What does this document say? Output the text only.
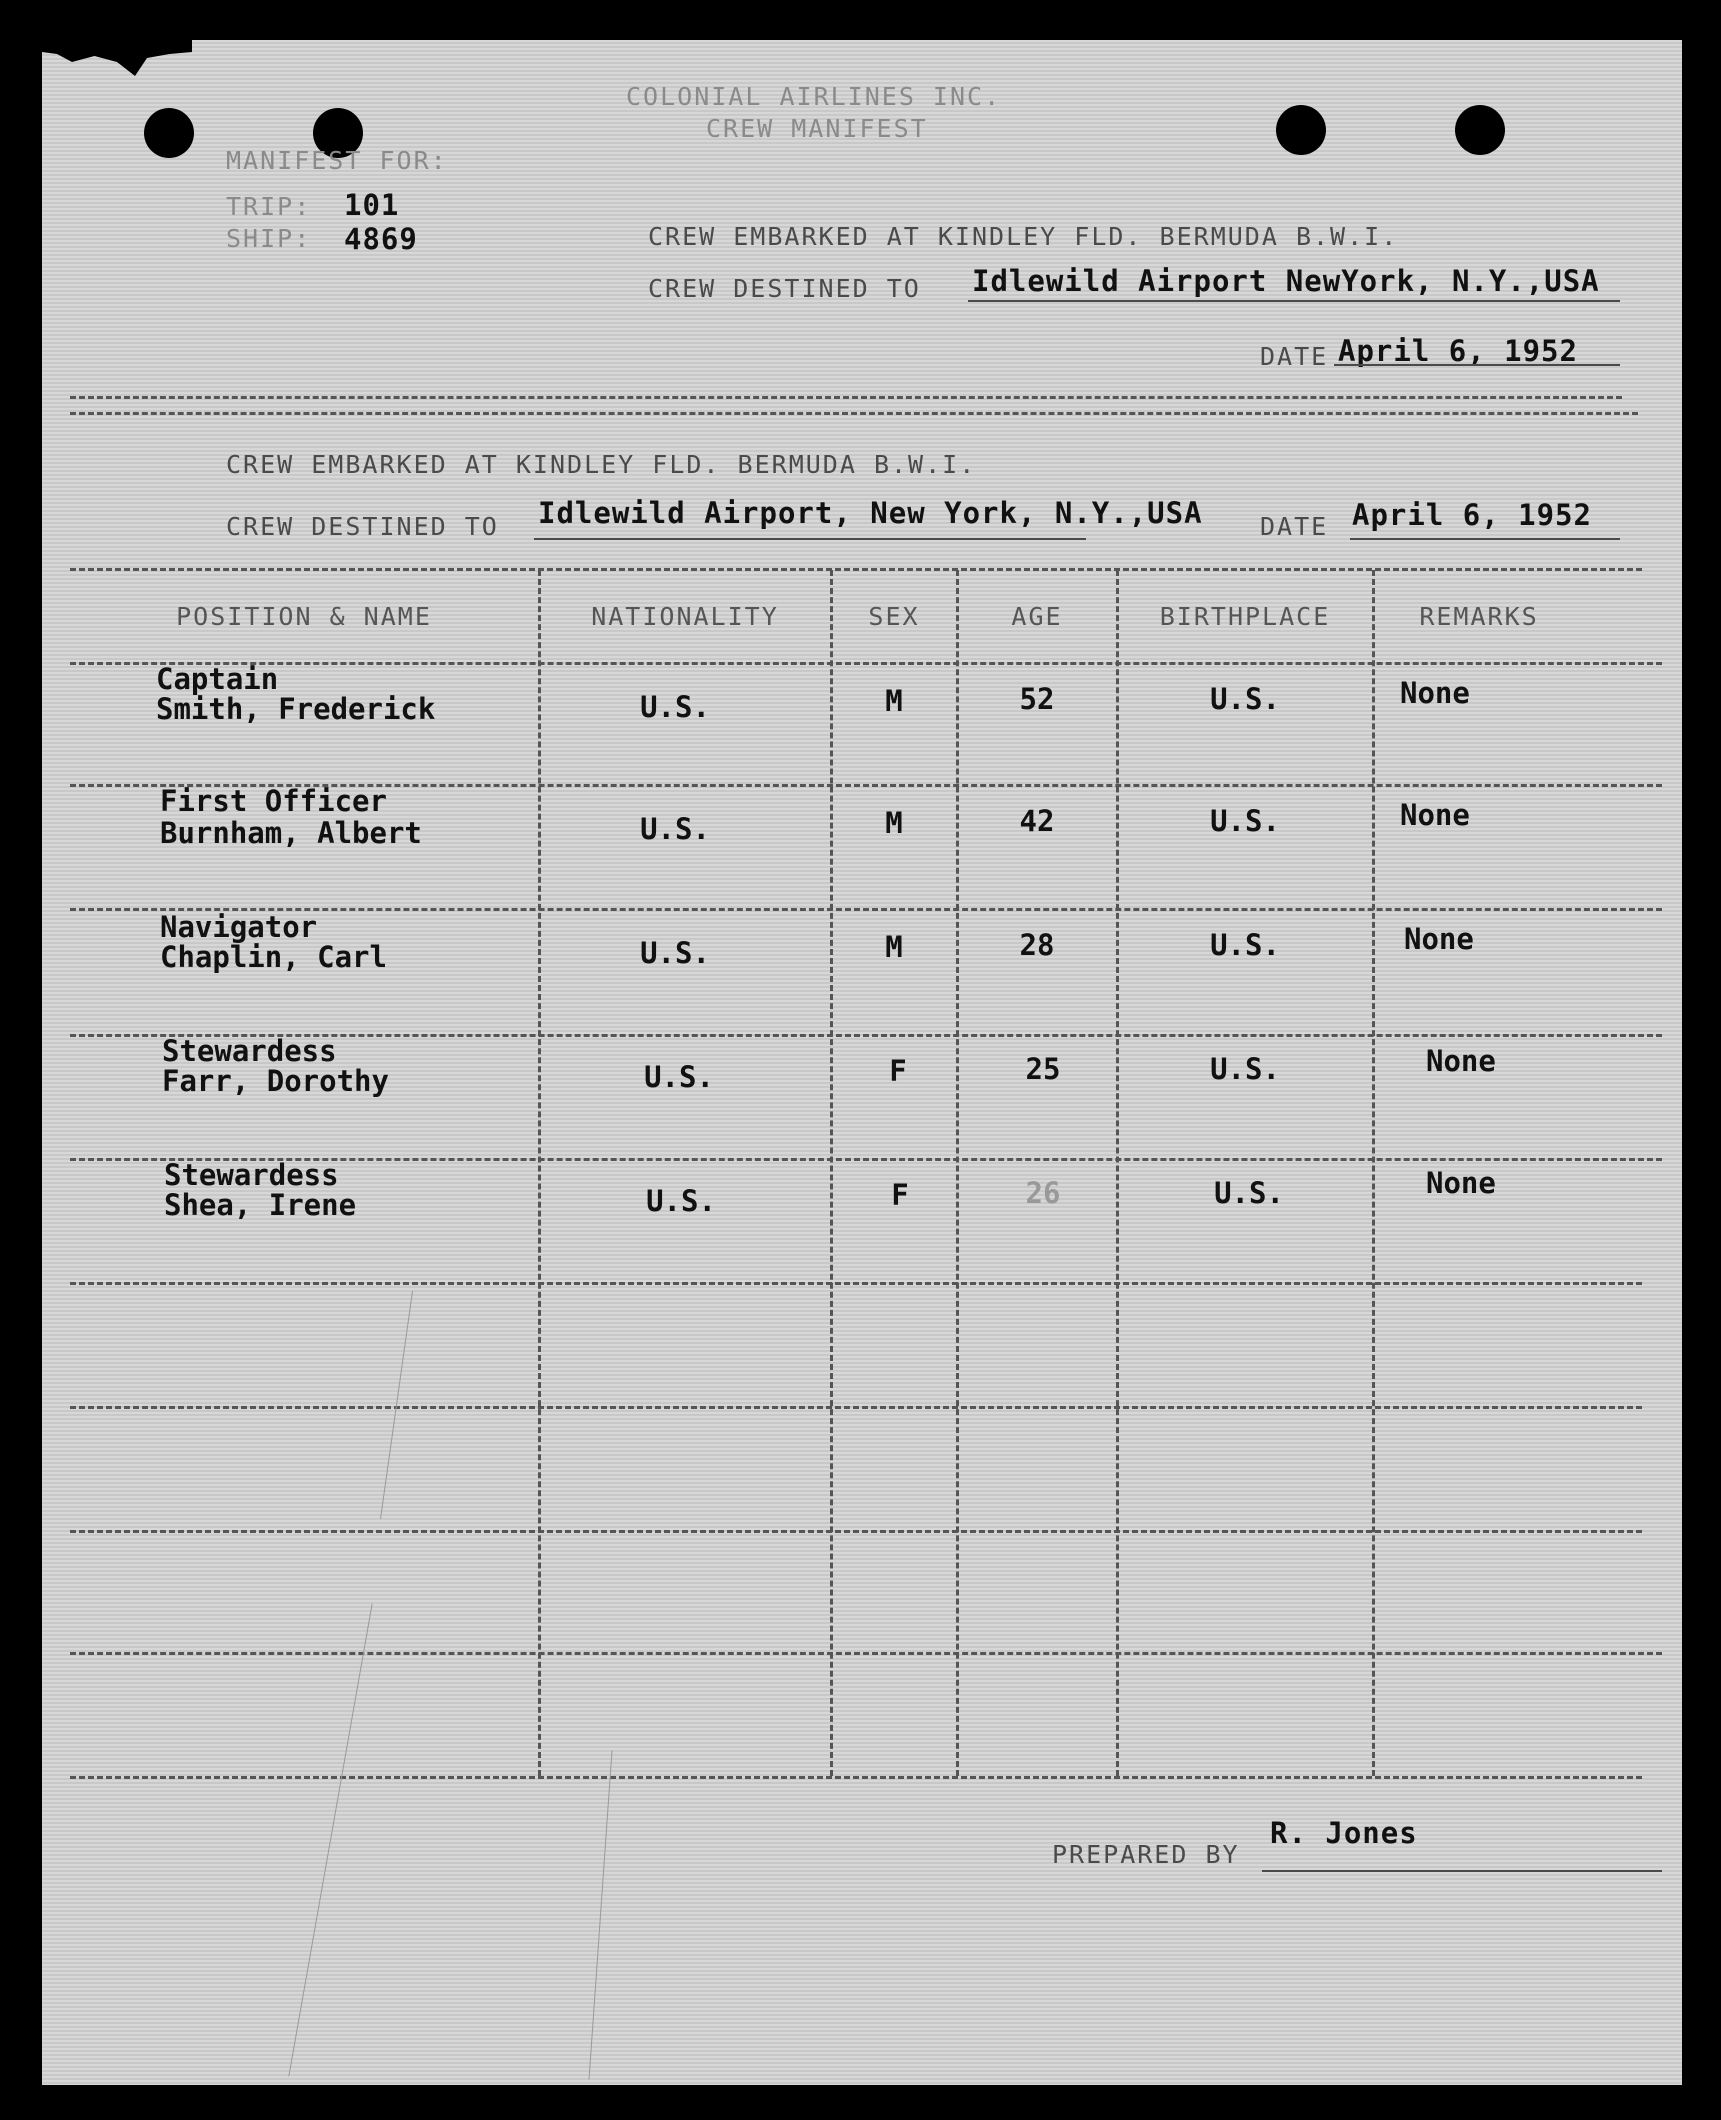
COLONIAL AIRLINES INC.
CREW MANIFEST
MANIFEST FOR:
TRIP: 101
SHIP: 4869	CREW EMBARKED AT KINDLEY FLD. BERMUDA B.W.I.
CREW DESTINED TO Idlewild Airport NewYork, N.Y.,USA
DATE April 6, 1952
CREW EMBARKED AT KINDLEY FLD. BERMUDA B.W.I.
CREW DESTINED TO Idlewild Airport, New York, N.Y.,USA DATE April 6, 1952
POSITION & NAME	NATIONALITY	SEX	AGE	BIRTHPLACE	REMARKS
Captain
Smith, Frederick	U.S.	M	52	U.S.	None
First Officer
Burnham, Albert	U.S.	M	42	U.S.	None
Navigator
Chaplin, Carl	U.S.	M	28	U.S.	None
Stewardess
Farr, Dorothy	U.S.	F	25	U.S.	None
Stewardess
Shea, Irene	U.S.	F	26	U.S.	None
PREPARED BY
R. Jones
